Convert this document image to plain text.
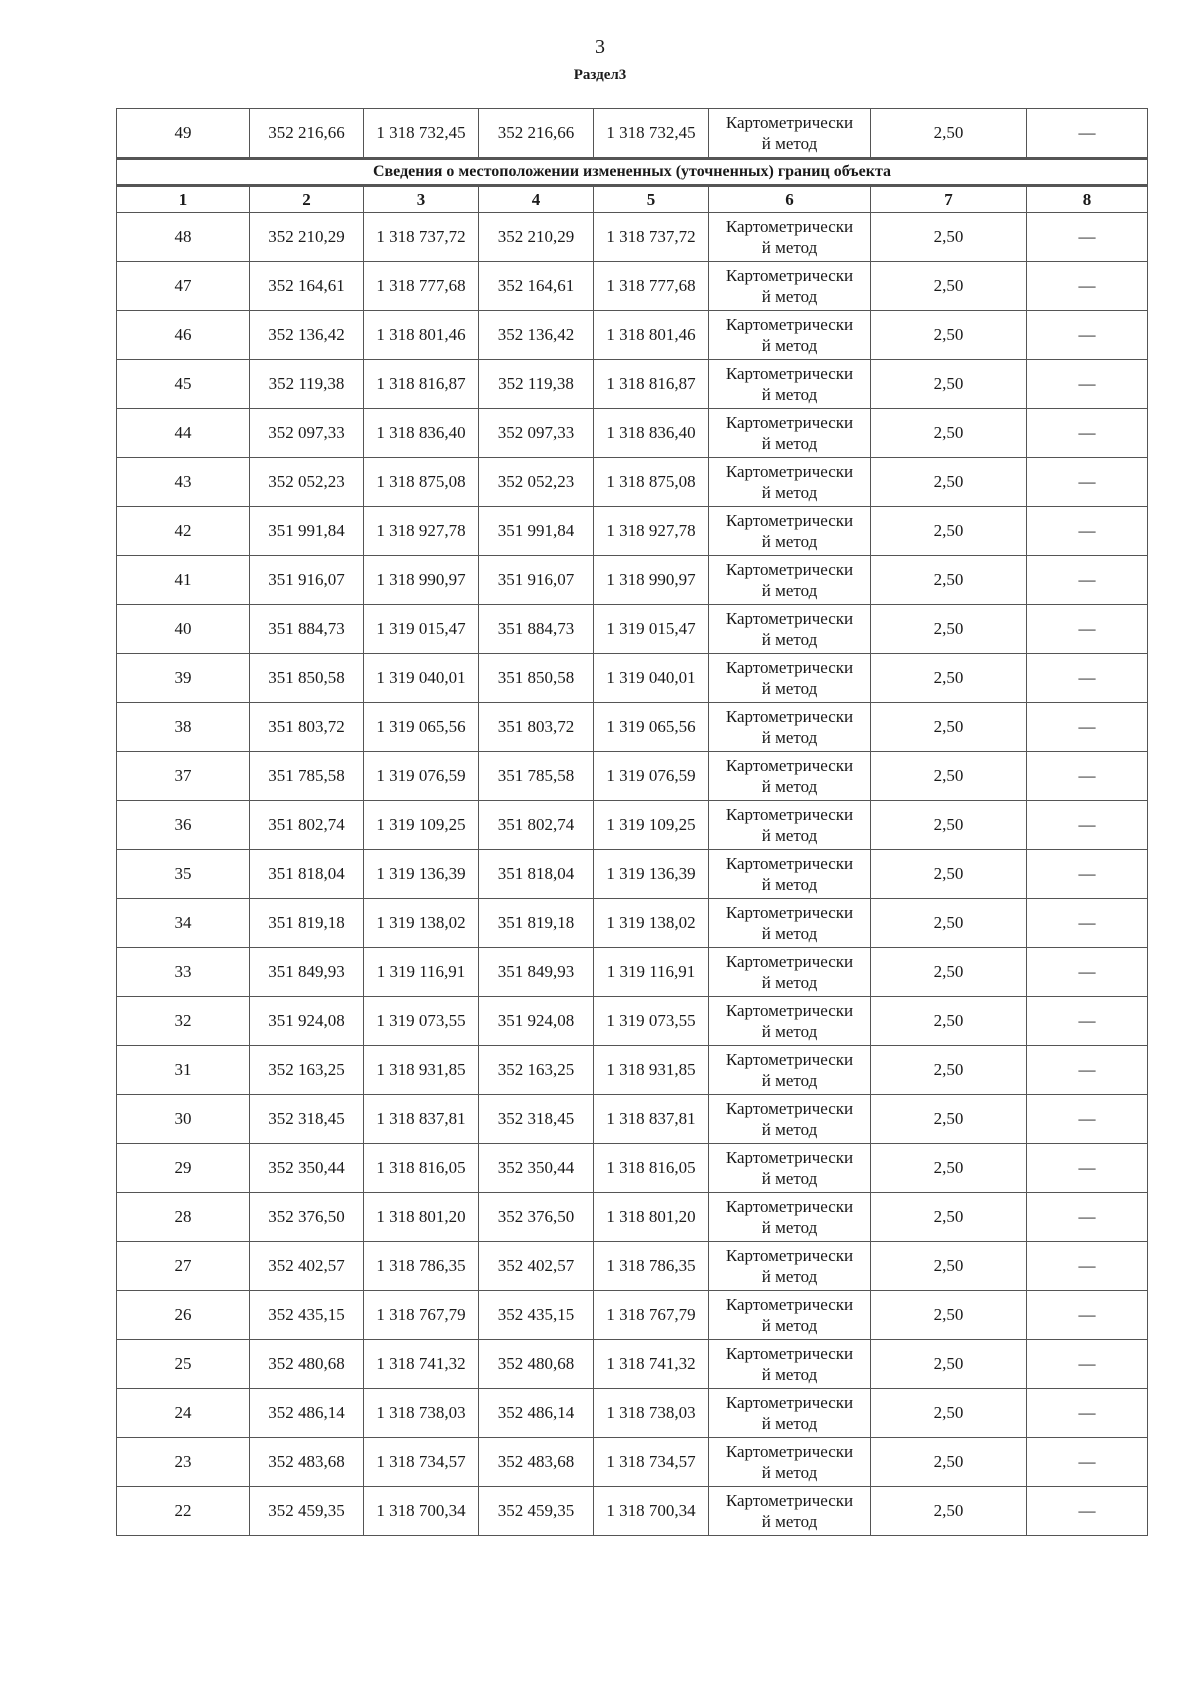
3
Раздел3
49	352 216,66	1 318 732,45	352 216,66	1 318 732,45	Картометрически
й метод	2,50	—
Сведения о местоположении измененных (уточненных) границ объекта							
1	2	3	4	5	6	7	8
48	352 210,29	1 318 737,72	352 210,29	1 318 737,72	Картометрически
й метод	2,50	—
47	352 164,61	1 318 777,68	352 164,61	1 318 777,68	Картометрически
й метод	2,50	—
46	352 136,42	1 318 801,46	352 136,42	1 318 801,46	Картометрически
й метод	2,50	—
45	352 119,38	1 318 816,87	352 119,38	1 318 816,87	Картометрически
й метод	2,50	—
44	352 097,33	1 318 836,40	352 097,33	1 318 836,40	Картометрически
й метод	2,50	—
43	352 052,23	1 318 875,08	352 052,23	1 318 875,08	Картометрически
й метод	2,50	—
42	351 991,84	1 318 927,78	351 991,84	1 318 927,78	Картометрически
й метод	2,50	—
41	351 916,07	1 318 990,97	351 916,07	1 318 990,97	Картометрически
й метод	2,50	—
40	351 884,73	1 319 015,47	351 884,73	1 319 015,47	Картометрически
й метод	2,50	—
39	351 850,58	1 319 040,01	351 850,58	1 319 040,01	Картометрически
й метод	2,50	—
38	351 803,72	1 319 065,56	351 803,72	1 319 065,56	Картометрически
й метод	2,50	—
37	351 785,58	1 319 076,59	351 785,58	1 319 076,59	Картометрически
й метод	2,50	—
36	351 802,74	1 319 109,25	351 802,74	1 319 109,25	Картометрически
й метод	2,50	—
35	351 818,04	1 319 136,39	351 818,04	1 319 136,39	Картометрически
й метод	2,50	—
34	351 819,18	1 319 138,02	351 819,18	1 319 138,02	Картометрически
й метод	2,50	—
33	351 849,93	1 319 116,91	351 849,93	1 319 116,91	Картометрически
й метод	2,50	—
32	351 924,08	1 319 073,55	351 924,08	1 319 073,55	Картометрически
й метод	2,50	—
31	352 163,25	1 318 931,85	352 163,25	1 318 931,85	Картометрически
й метод	2,50	—
30	352 318,45	1 318 837,81	352 318,45	1 318 837,81	Картометрически
й метод	2,50	—
29	352 350,44	1 318 816,05	352 350,44	1 318 816,05	Картометрически
й метод	2,50	—
28	352 376,50	1 318 801,20	352 376,50	1 318 801,20	Картометрически
й метод	2,50	—
27	352 402,57	1 318 786,35	352 402,57	1 318 786,35	Картометрически
й метод	2,50	—
26	352 435,15	1 318 767,79	352 435,15	1 318 767,79	Картометрически
й метод	2,50	—
25	352 480,68	1 318 741,32	352 480,68	1 318 741,32	Картометрически
й метод	2,50	—
24	352 486,14	1 318 738,03	352 486,14	1 318 738,03	Картометрически
й метод	2,50	—
23	352 483,68	1 318 734,57	352 483,68	1 318 734,57	Картометрически
й метод	2,50	—
22	352 459,35	1 318 700,34	352 459,35	1 318 700,34	Картометрически
й метод	2,50	—
